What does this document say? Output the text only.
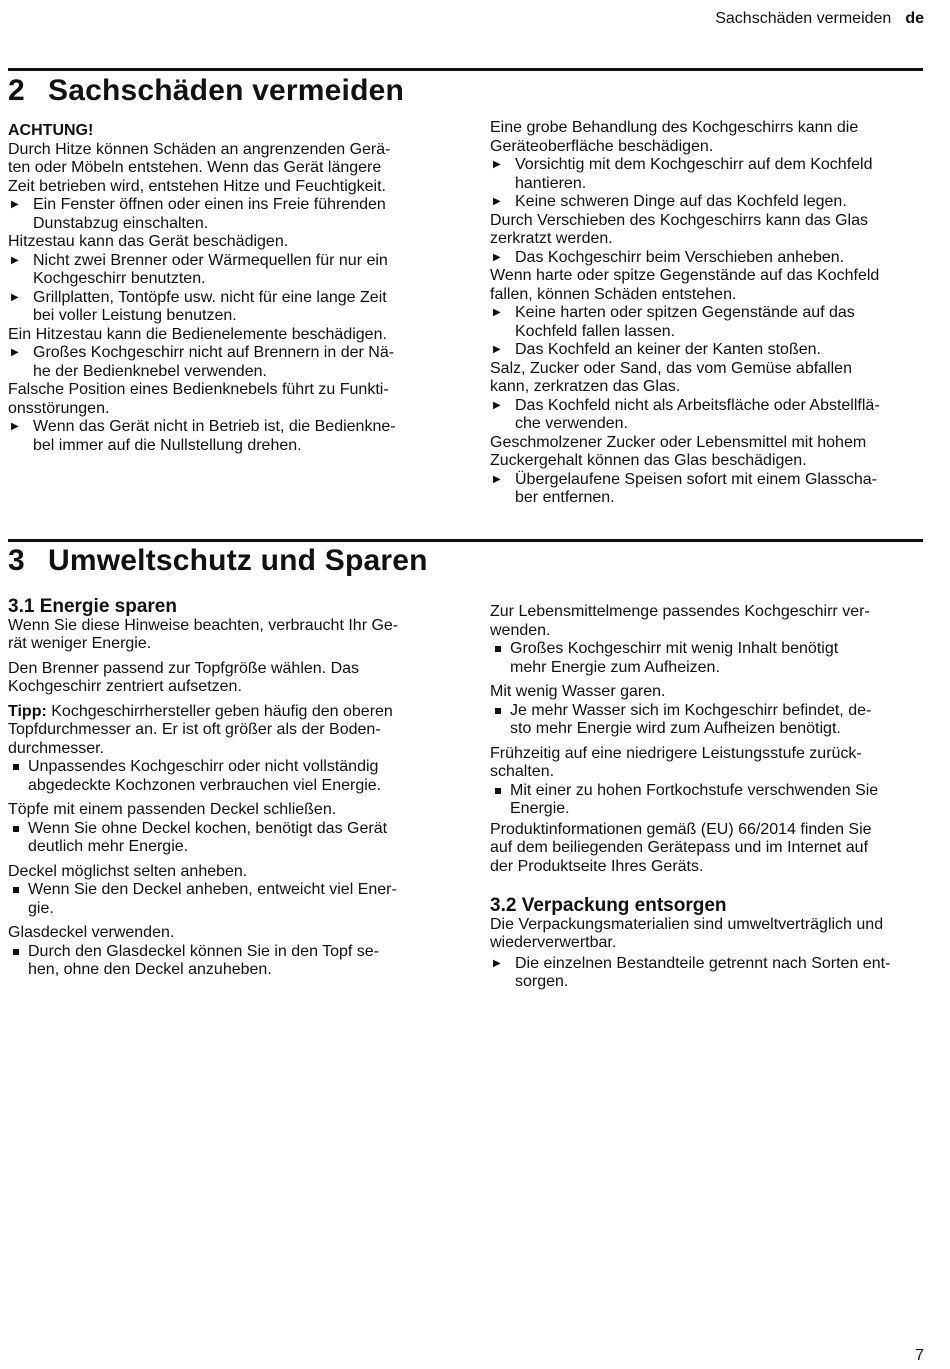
Sachschäden vermeiden de
2 Sachschäden vermeiden

ACHTUNG!

Durch Hitze können Schäden an angrenzenden Gerä-
ten oder Möbeln entstehen. Wenn das Gerät längere
Zeit betrieben wird, entstehen Hitze und Feuchtigkeit.

▶ Ein Fenster öffnen oder einen ins Freie führenden
Dunstabzug einschalten.

Hitzestau kann das Gerät beschädigen.

▶ Nicht zwei Brenner oder Wärmequellen für nur ein
Kochgeschirr benutzten.
▶ Grillplatten, Tontöpfe usw. nicht für eine lange Zeit
bei voller Leistung benutzen.

Ein Hitzestau kann die Bedienelemente beschädigen.

▶ Großes Kochgeschirr nicht auf Brennern in der Nä-
he der Bedienknebel verwenden.

Falsche Position eines Bedienknebels führt zu Funkti-
onsstörungen.

▶ Wenn das Gerät nicht in Betrieb ist, die Bedienkne-
bel immer auf die Nullstellung drehen.

Eine grobe Behandlung des Kochgeschirrs kann die
Geräteoberfläche beschädigen.

▶ Vorsichtig mit dem Kochgeschirr auf dem Kochfeld
hantieren.
▶ Keine schweren Dinge auf das Kochfeld legen.

Durch Verschieben des Kochgeschirrs kann das Glas
zerkratzt werden.

▶ Das Kochgeschirr beim Verschieben anheben.

Wenn harte oder spitze Gegenstände auf das Kochfeld
fallen, können Schäden entstehen.

▶ Keine harten oder spitzen Gegenstände auf das
Kochfeld fallen lassen.
▶ Das Kochfeld an keiner der Kanten stoßen.

Salz, Zucker oder Sand, das vom Gemüse abfallen
kann, zerkratzen das Glas.

▶ Das Kochfeld nicht als Arbeitsfläche oder Abstellflä-
che verwenden.

Geschmolzener Zucker oder Lebensmittel mit hohem
Zuckergehalt können das Glas beschädigen.

▶ Übergelaufene Speisen sofort mit einem Glasscha-
ber entfernen.
3 Umweltschutz und Sparen

3.1 Energie sparen

Wenn Sie diese Hinweise beachten, verbraucht Ihr Ge-
rät weniger Energie.

Den Brenner passend zur Topfgröße wählen. Das
Kochgeschirr zentriert aufsetzen.

Tipp: Kochgeschirrhersteller geben häufig den oberen
Topfdurchmesser an. Er ist oft größer als der Boden-
durchmesser.

Unpassendes Kochgeschirr oder nicht vollständig
abgedeckte Kochzonen verbrauchen viel Energie.

Töpfe mit einem passenden Deckel schließen.

Wenn Sie ohne Deckel kochen, benötigt das Gerät
deutlich mehr Energie.

Deckel möglichst selten anheben.

Wenn Sie den Deckel anheben, entweicht viel Ener-
gie.

Glasdeckel verwenden.

Durch den Glasdeckel können Sie in den Topf se-
hen, ohne den Deckel anzuheben.

Zur Lebensmittelmenge passendes Kochgeschirr ver-
wenden.

Großes Kochgeschirr mit wenig Inhalt benötigt
mehr Energie zum Aufheizen.

Mit wenig Wasser garen.

Je mehr Wasser sich im Kochgeschirr befindet, de-
sto mehr Energie wird zum Aufheizen benötigt.

Frühzeitig auf eine niedrigere Leistungsstufe zurück-
schalten.

Mit einer zu hohen Fortkochstufe verschwenden Sie
Energie.

Produktinformationen gemäß (EU) 66/2014 finden Sie
auf dem beiliegenden Gerätepass und im Internet auf
der Produktseite Ihres Geräts.

3.2 Verpackung entsorgen

Die Verpackungsmaterialien sind umweltverträglich und
wiederverwertbar.

▶ Die einzelnen Bestandteile getrennt nach Sorten ent-
sorgen.
7
